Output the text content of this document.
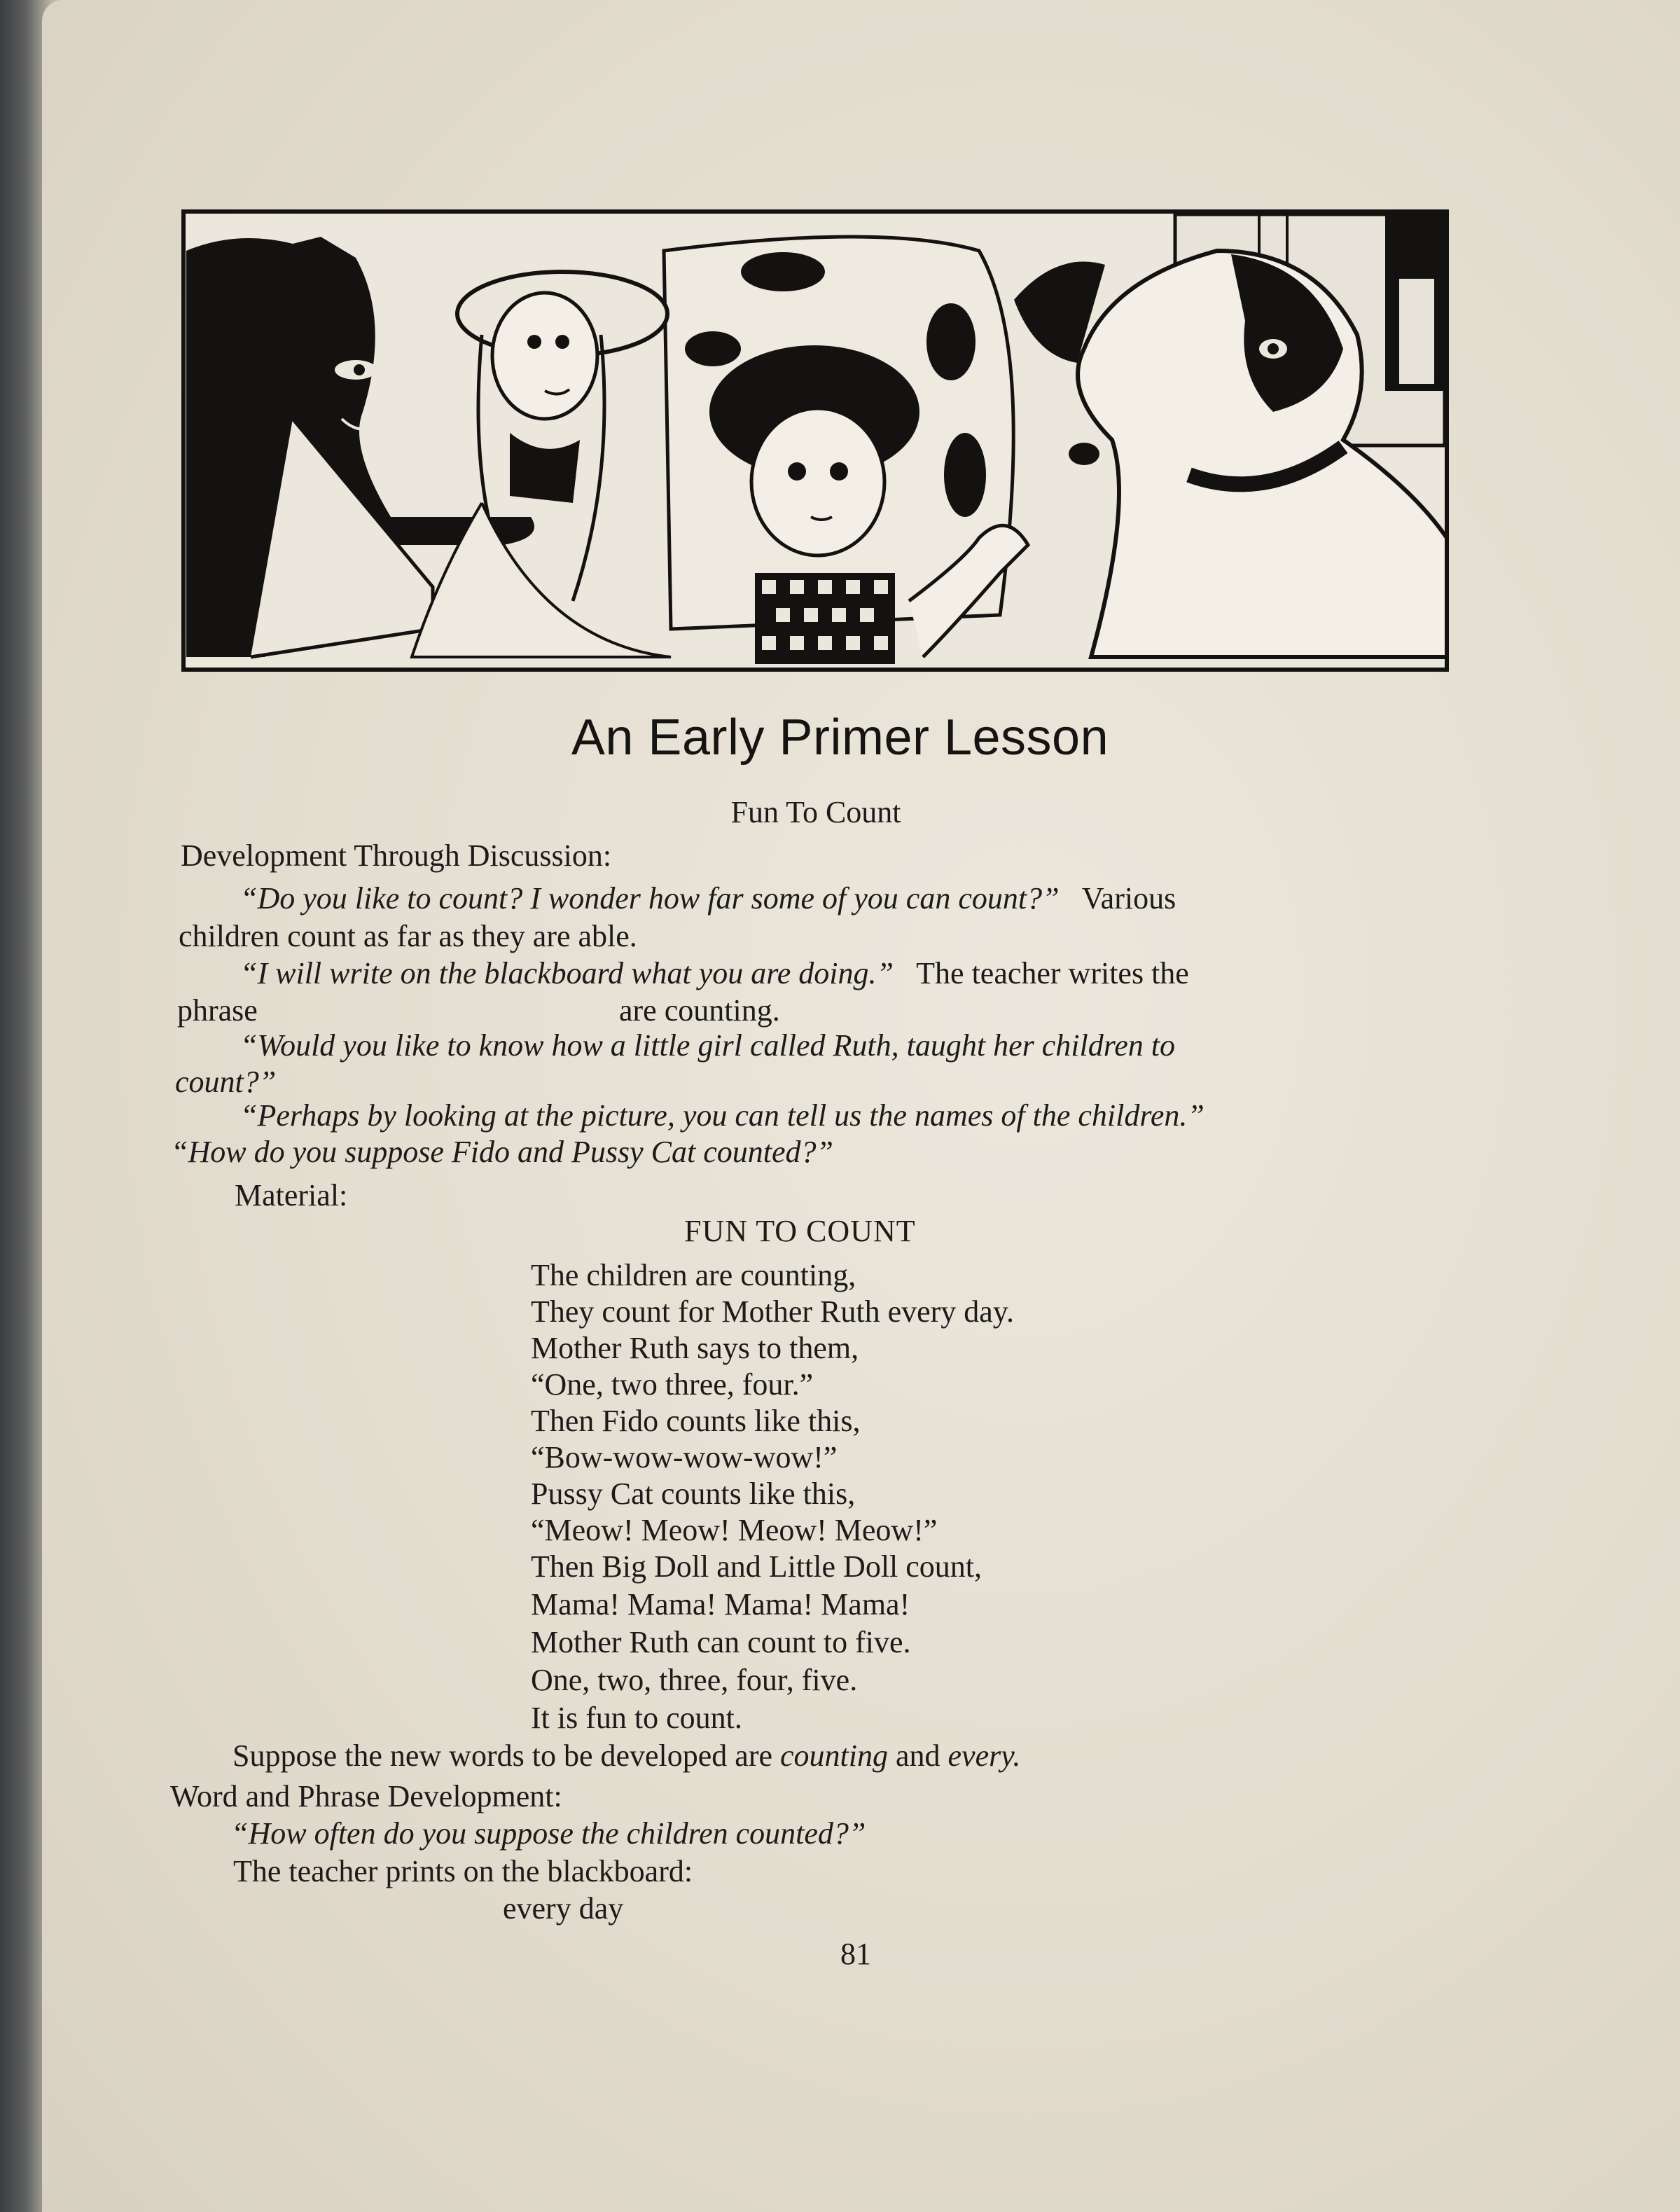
An Early Primer Lesson
Fun To Count
Development Through Discussion:
“Do you like to count? I wonder how far some of you can count?” Various
children count as far as they are able.
“I will write on the blackboard what you are doing.” The teacher writes the
phrase	are counting.
“Would you like to know how a little girl called Ruth, taught her children to
count?”
“Perhaps by looking at the picture, you can tell us the names of the children.”
“How do you suppose Fido and Pussy Cat counted?”
Material:
FUN TO COUNT
The children are counting,
They count for Mother Ruth every day.
Mother Ruth says to them,
“One, two three, four.”
Then Fido counts like this,
“Bow-wow-wow-wow!”
Pussy Cat counts like this,
“Meow! Meow! Meow! Meow!”
Then Big Doll and Little Doll count,
Mama! Mama! Mama! Mama!
Mother Ruth can count to five.
One, two, three, four, five.
It is fun to count.
Suppose the new words to be developed are counting and every.
Word and Phrase Development:
“How often do you suppose the children counted?”
The teacher prints on the blackboard:
every day
81
